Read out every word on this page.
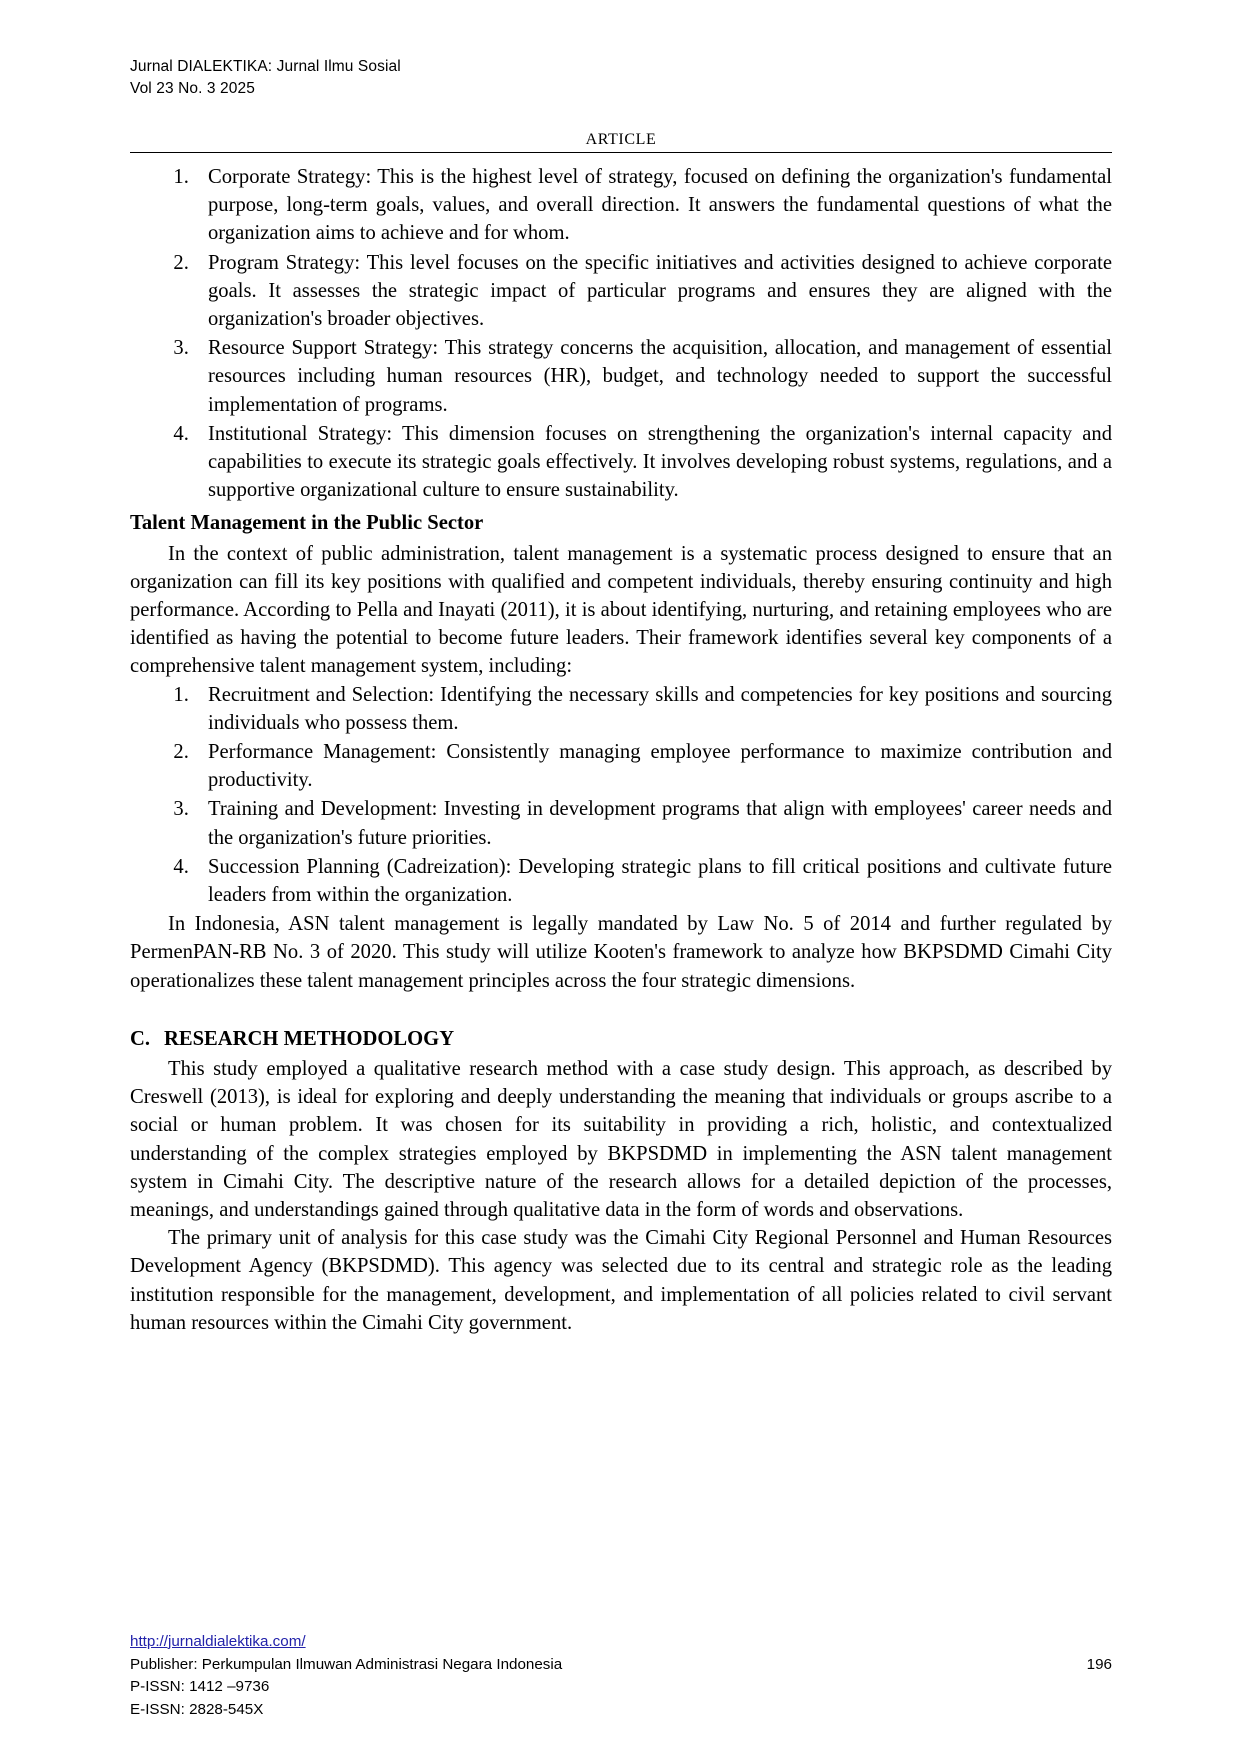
Jurnal DIALEKTIKA: Jurnal Ilmu Sosial
Vol 23 No. 3 2025
ARTICLE
1. Corporate Strategy: This is the highest level of strategy, focused on defining the organization's fundamental purpose, long-term goals, values, and overall direction. It answers the fundamental questions of what the organization aims to achieve and for whom.
2. Program Strategy: This level focuses on the specific initiatives and activities designed to achieve corporate goals. It assesses the strategic impact of particular programs and ensures they are aligned with the organization's broader objectives.
3. Resource Support Strategy: This strategy concerns the acquisition, allocation, and management of essential resources including human resources (HR), budget, and technology needed to support the successful implementation of programs.
4. Institutional Strategy: This dimension focuses on strengthening the organization's internal capacity and capabilities to execute its strategic goals effectively. It involves developing robust systems, regulations, and a supportive organizational culture to ensure sustainability.
Talent Management in the Public Sector

In the context of public administration, talent management is a systematic process designed to ensure that an organization can fill its key positions with qualified and competent individuals, thereby ensuring continuity and high performance. According to Pella and Inayati (2011), it is about identifying, nurturing, and retaining employees who are identified as having the potential to become future leaders. Their framework identifies several key components of a comprehensive talent management system, including:

1. Recruitment and Selection: Identifying the necessary skills and competencies for key positions and sourcing individuals who possess them.
2. Performance Management: Consistently managing employee performance to maximize contribution and productivity.
3. Training and Development: Investing in development programs that align with employees' career needs and the organization's future priorities.
4. Succession Planning (Cadreization): Developing strategic plans to fill critical positions and cultivate future leaders from within the organization.

In Indonesia, ASN talent management is legally mandated by Law No. 5 of 2014 and further regulated by PermenPAN-RB No. 3 of 2020. This study will utilize Kooten's framework to analyze how BKPSDMD Cimahi City operationalizes these talent management principles across the four strategic dimensions.

C. RESEARCH METHODOLOGY

This study employed a qualitative research method with a case study design. This approach, as described by Creswell (2013), is ideal for exploring and deeply understanding the meaning that individuals or groups ascribe to a social or human problem. It was chosen for its suitability in providing a rich, holistic, and contextualized understanding of the complex strategies employed by BKPSDMD in implementing the ASN talent management system in Cimahi City. The descriptive nature of the research allows for a detailed depiction of the processes, meanings, and understandings gained through qualitative data in the form of words and observations.

The primary unit of analysis for this case study was the Cimahi City Regional Personnel and Human Resources Development Agency (BKPSDMD). This agency was selected due to its central and strategic role as the leading institution responsible for the management, development, and implementation of all policies related to civil servant human resources within the Cimahi City government.

http://jurnaldialektika.com/
Publisher: Perkumpulan Ilmuwan Administrasi Negara Indonesia	196
P-ISSN: 1412 –9736
E-ISSN: 2828-545X
